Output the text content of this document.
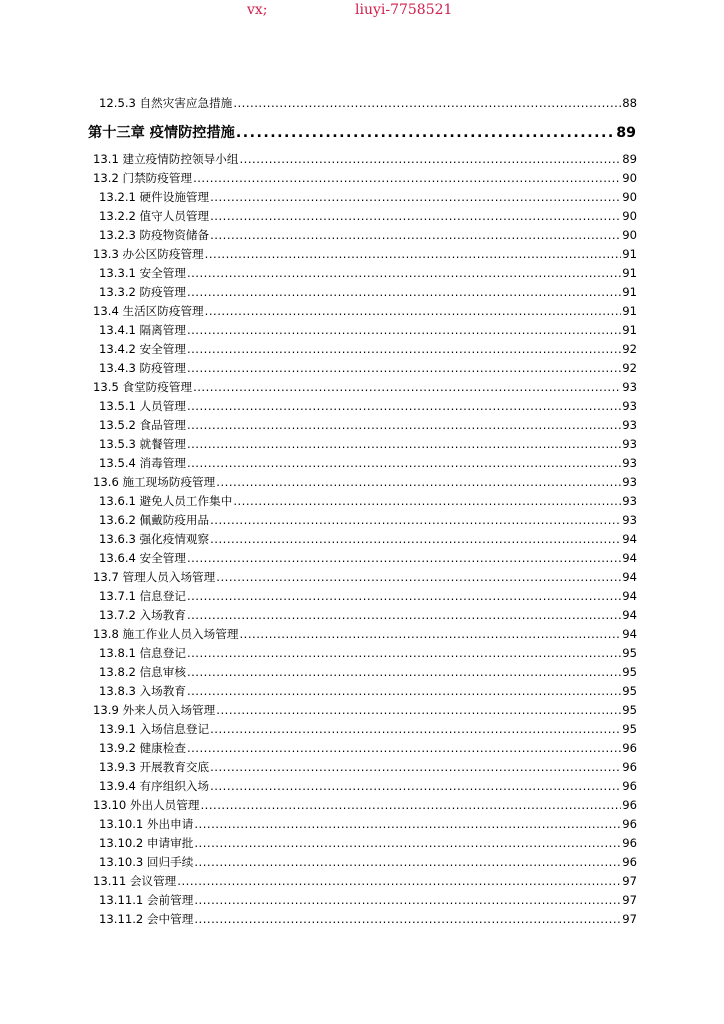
vx;	liuyi-7758521
12.5.3 自然灾害应急措施 .....	88
第十三章 疫情防控措施 .....	89
13.1 建立疫情防控领导小组 .....	89
13.2 门禁防疫管理 .....	90
13.2.1 硬件设施管理 .....	90
13.2.2 值守人员管理 .....	90
13.2.3 防疫物资储备 .....	90
13.3 办公区防疫管理 .....	91
13.3.1 安全管理 .....	91
13.3.2 防疫管理 .....	91
13.4 生活区防疫管理 .....	91
13.4.1 隔离管理 .....	91
13.4.2 安全管理 .....	92
13.4.3 防疫管理 .....	92
13.5 食堂防疫管理 .....	93
13.5.1 人员管理 .....	93
13.5.2 食品管理 .....	93
13.5.3 就餐管理 .....	93
13.5.4 消毒管理 .....	93
13.6 施工现场防疫管理 .....	93
13.6.1 避免人员工作集中 .....	93
13.6.2 佩戴防疫用品 .....	93
13.6.3 强化疫情观察 .....	94
13.6.4 安全管理 .....	94
13.7 管理人员入场管理 .....	94
13.7.1 信息登记 .....	94
13.7.2 入场教育 .....	94
13.8 施工作业人员入场管理 .....	94
13.8.1 信息登记 .....	95
13.8.2 信息审核 .....	95
13.8.3 入场教育 .....	95
13.9 外来人员入场管理 .....	95
13.9.1 入场信息登记 .....	95
13.9.2 健康检查 .....	96
13.9.3 开展教育交底 .....	96
13.9.4 有序组织入场 .....	96
13.10 外出人员管理 .....	96
13.10.1 外出申请 .....	96
13.10.2 申请审批 .....	96
13.10.3 回归手续 .....	96
13.11 会议管理 .....	97
13.11.1 会前管理 .....	97
13.11.2 会中管理 .....	97
